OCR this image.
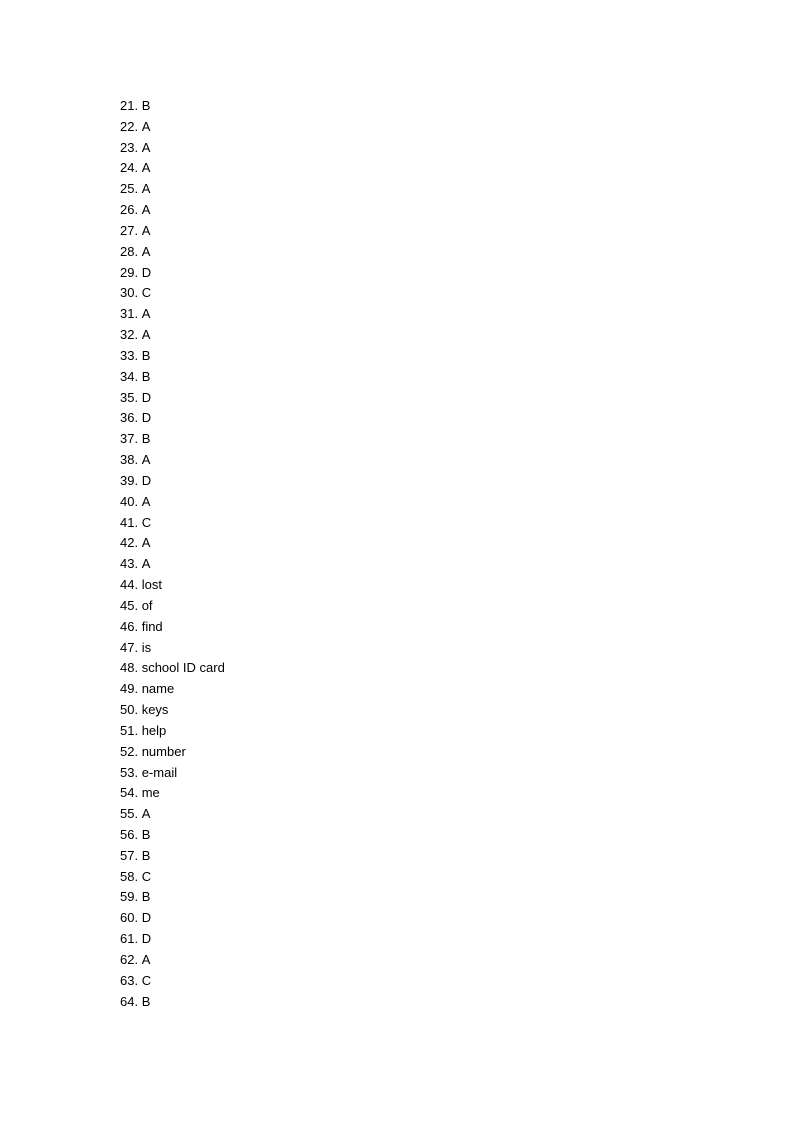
21. B
22. A
23. A
24. A
25. A
26. A
27. A
28. A
29. D
30. C
31. A
32. A
33. B
34. B
35. D
36. D
37. B
38. A
39. D
40. A
41. C
42. A
43. A
44. lost
45. of
46. find
47. is
48. school ID card
49. name
50. keys
51. help
52. number
53. e-mail
54. me
55. A
56. B
57. B
58. C
59. B
60. D
61. D
62. A
63. C
64. B
